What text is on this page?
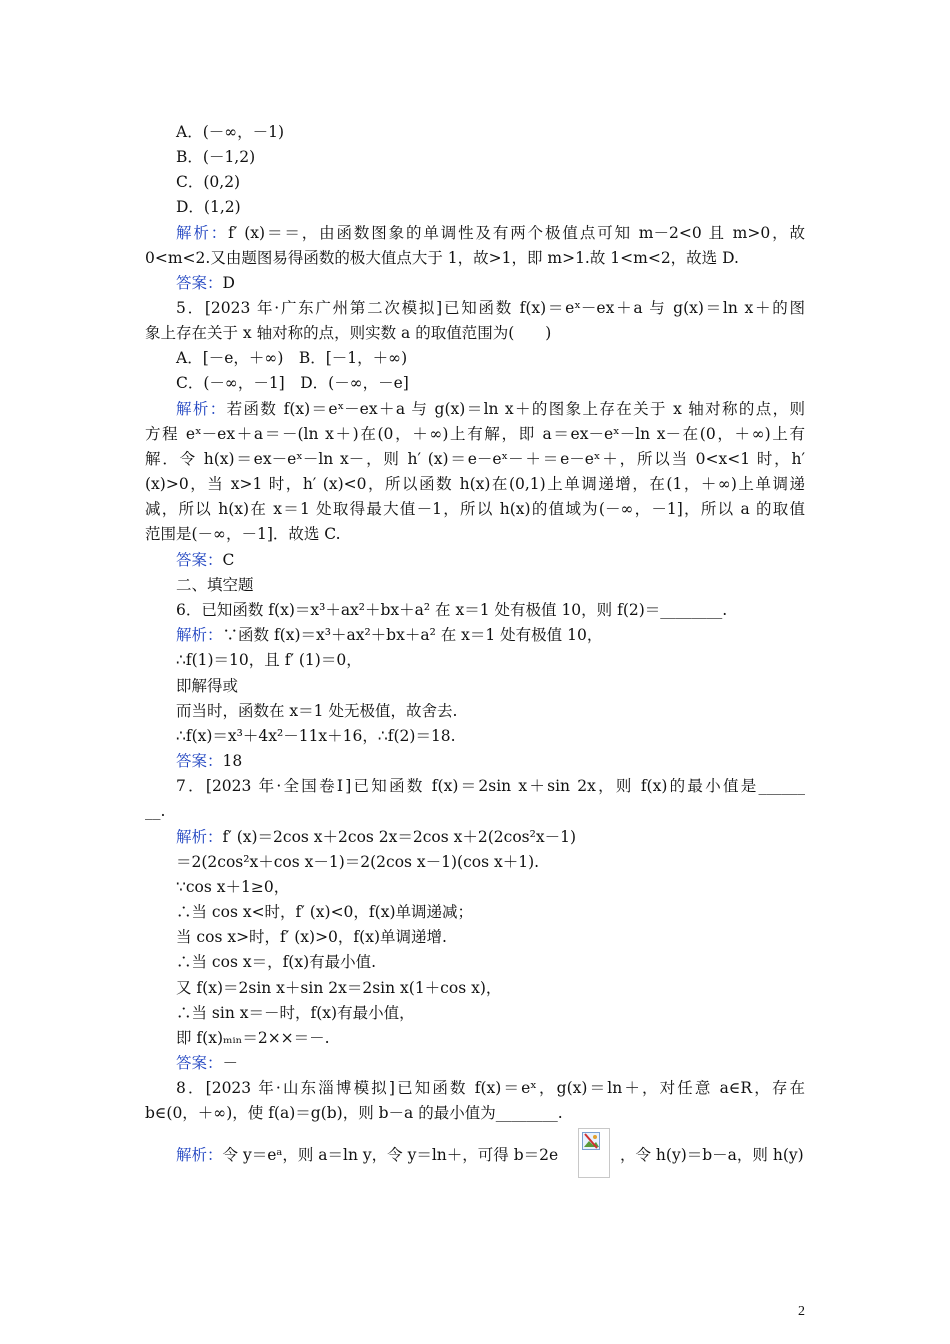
A．(－∞，－1)
B．(－1,2)
C．(0,2)
D．(1,2)
解析：f′ (x)＝＝，由函数图象的单调性及有两个极值点可知 m－2<0 且 m>0，故
0<m<2.又由题图易得函数的极大值点大于 1，故>1，即 m>1.故 1<m<2，故选 D.
答案：D
5．[2023 年·广东广州第二次模拟]已知函数 f(x)＝eˣ－ex＋a 与 g(x)＝ln x＋的图
象上存在关于 x 轴对称的点，则实数 a 的取值范围为(　　)
A．[－e，＋∞)　B．[－1，＋∞)
C．(－∞，－1]　D．(－∞，－e]
解析：若函数 f(x)＝eˣ－ex＋a 与 g(x)＝ln x＋的图象上存在关于 x 轴对称的点，则
方程 eˣ－ex＋a＝－(ln x＋)在(0，＋∞)上有解，即 a＝ex－eˣ－ln x－在(0，＋∞)上有
解．令 h(x)＝ex－eˣ－ln x－，则 h′ (x)＝e－eˣ－＋＝e－eˣ＋，所以当 0<x<1 时，h′
(x)>0，当 x>1 时，h′ (x)<0，所以函数 h(x)在(0,1)上单调递增，在(1，＋∞)上单调递
减，所以 h(x)在 x＝1 处取得最大值－1，所以 h(x)的值域为(－∞，－1]，所以 a 的取值
范围是(－∞，－1]．故选 C.
答案：C
二、填空题
6．已知函数 f(x)＝x³＋ax²＋bx＋a² 在 x＝1 处有极值 10，则 f(2)＝________.
解析：∵函数 f(x)＝x³＋ax²＋bx＋a² 在 x＝1 处有极值 10，
∴f(1)＝10，且 f′ (1)＝0，
即解得或
而当时，函数在 x＝1 处无极值，故舍去.
∴f(x)＝x³＋4x²－11x＋16，∴f(2)＝18.
答案：18
7．[2023 年·全国卷Ⅰ]已知函数 f(x)＝2sin x＋sin 2x，则 f(x)的最小值是______
__.
解析：f′ (x)＝2cos x＋2cos 2x＝2cos x＋2(2cos²x－1)
＝2(2cos²x＋cos x－1)＝2(2cos x－1)(cos x＋1).
∵cos x＋1≥0，
∴当 cos x<时，f′ (x)<0，f(x)单调递减；
当 cos x>时，f′ (x)>0，f(x)单调递增.
∴当 cos x＝，f(x)有最小值.
又 f(x)＝2sin x＋sin 2x＝2sin x(1＋cos x)，
∴当 sin x＝－时，f(x)有最小值，
即 f(x)ₘᵢₙ＝2××＝－.
答案：－
8．[2023 年·山东淄博模拟]已知函数 f(x)＝eˣ，g(x)＝ln＋，对任意 a∈R，存在
b∈(0，＋∞)，使 f(a)＝g(b)，则 b－a 的最小值为________.
解析：令 y＝eᵃ，则 a＝ln y，令 y＝ln＋，可得 b＝2e	，令 h(y)＝b－a，则 h(y)
2
